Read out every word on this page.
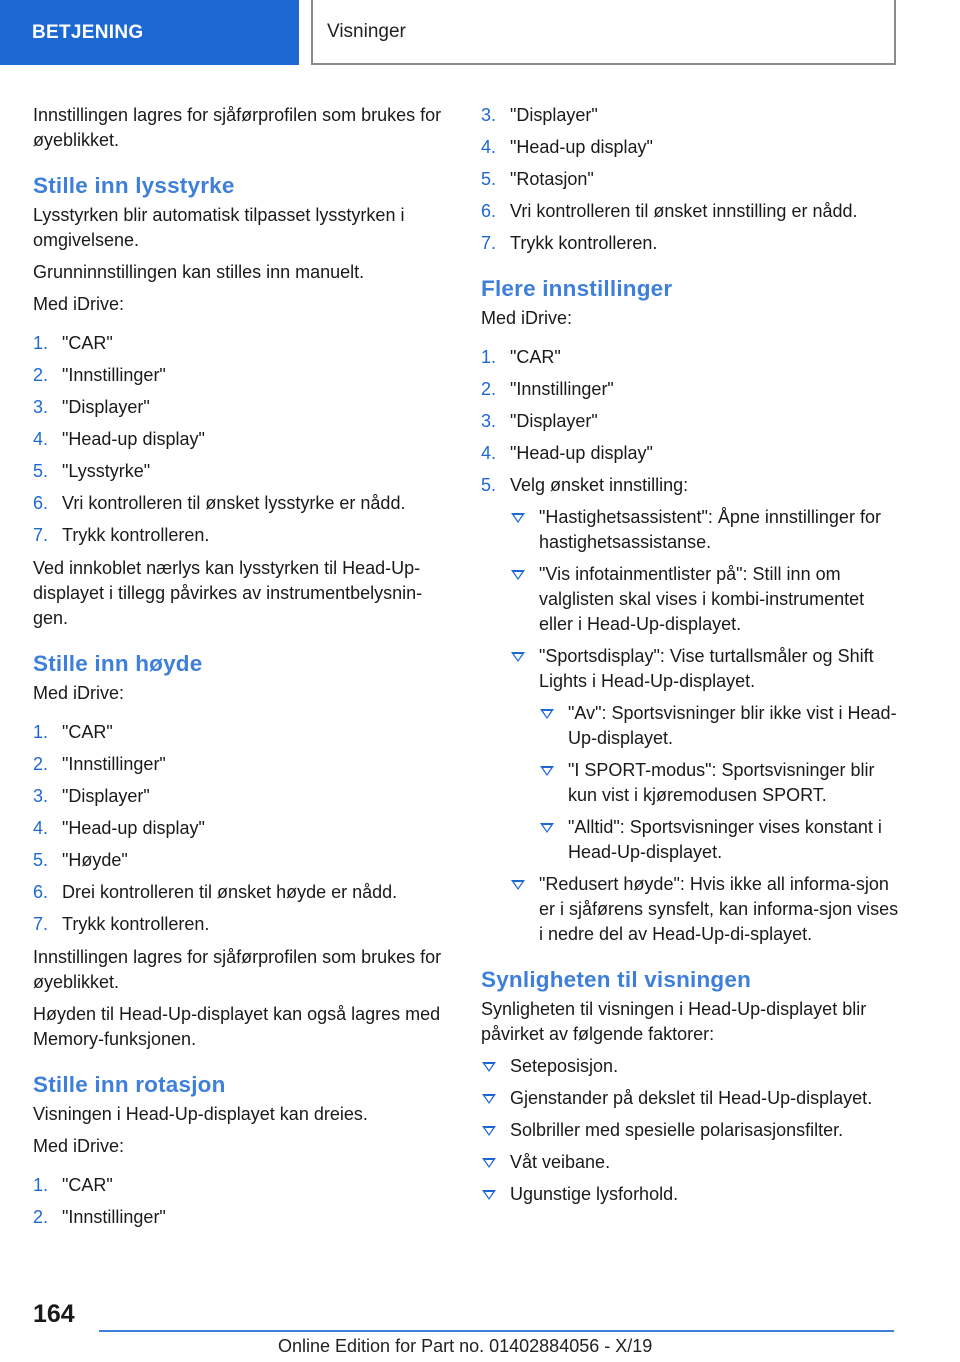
BETJENING	Visninger

Innstillingen lagres for sjåførprofilen som brukes for øyeblikket.

Stille inn lysstyrke

Lysstyrken blir automatisk tilpasset lysstyrken i omgivelsene.

Grunninnstillingen kan stilles inn manuelt.

Med iDrive:

1. "CAR"
2. "Innstillinger"
3. "Displayer"
4. "Head-up display"
5. "Lysstyrke"
6. Vri kontrolleren til ønsket lysstyrke er nådd.
7. Trykk kontrolleren.

Ved innkoblet nærlys kan lysstyrken til Head-Up-displayet i tillegg påvirkes av instrumentbelysnin-gen.

Stille inn høyde

Med iDrive:

1. "CAR"
2. "Innstillinger"
3. "Displayer"
4. "Head-up display"
5. "Høyde"
6. Drei kontrolleren til ønsket høyde er nådd.
7. Trykk kontrolleren.

Innstillingen lagres for sjåførprofilen som brukes for øyeblikket.

Høyden til Head-Up-displayet kan også lagres med Memory-funksjonen.

Stille inn rotasjon

Visningen i Head-Up-displayet kan dreies.

Med iDrive:

1. "CAR"
2. "Innstillinger"
3. "Displayer"
4. "Head-up display"
5. "Rotasjon"
6. Vri kontrolleren til ønsket innstilling er nådd.
7. Trykk kontrolleren.
Flere innstillinger

Med iDrive:

1. "CAR"
2. "Innstillinger"
3. "Displayer"
4. "Head-up display"
5. Velg ønsket innstilling:
"Hastighetsassistent": Åpne innstillinger for hastighetsassistanse.
"Vis infotainmentlister på": Still inn om valglisten skal vises i kombi-instrumentet eller i Head-Up-displayet.
"Sportsdisplay": Vise turtallsmåler og Shift Lights i Head-Up-displayet.
"Av": Sportsvisninger blir ikke vist i Head-Up-displayet.
"I SPORT-modus": Sportsvisninger blir kun vist i kjøremodusen SPORT.
"Alltid": Sportsvisninger vises konstant i Head-Up-displayet.
"Redusert høyde": Hvis ikke all informa-sjon er i sjåførens synsfelt, kan informa-sjon vises i nedre del av Head-Up-di-splayet.
Synligheten til visningen

Synligheten til visningen i Head-Up-displayet blir påvirket av følgende faktorer:

Seteposisjon.
Gjenstander på dekslet til Head-Up-displayet.
Solbriller med spesielle polarisasjonsfilter.
Våt veibane.
Ugunstige lysforhold.
164
Online Edition for Part no. 01402884056 - X/19
